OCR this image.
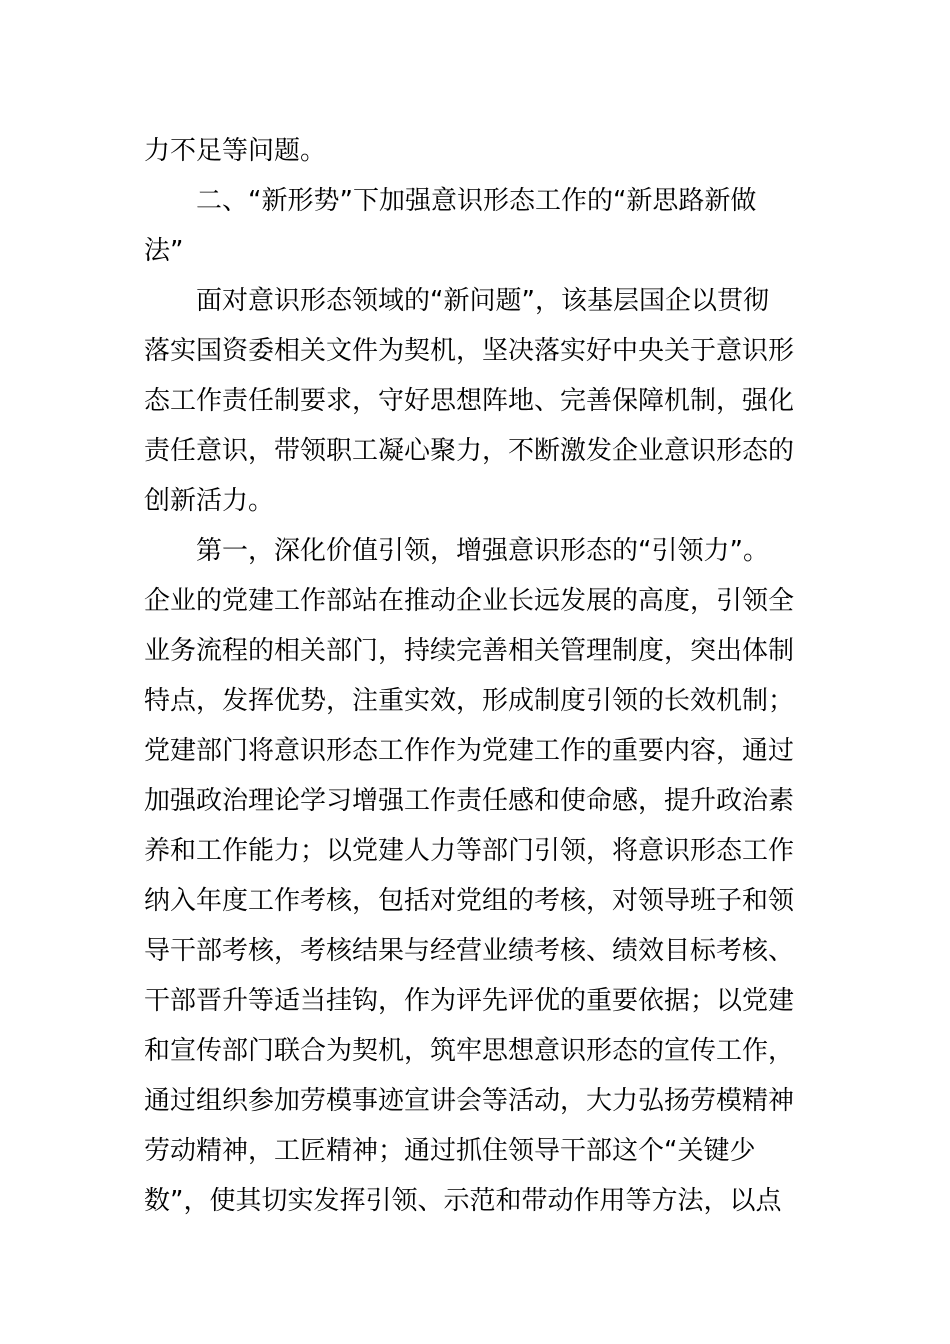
力不足等问题。
二、“新形势”下加强意识形态工作的“新思路新做
法”
面对意识形态领域的“新问题”，该基层国企以贯彻
落实国资委相关文件为契机，坚决落实好中央关于意识形
态工作责任制要求，守好思想阵地、完善保障机制，强化
责任意识，带领职工凝心聚力，不断激发企业意识形态的
创新活力。
第一，深化价值引领，增强意识形态的“引领力”。
企业的党建工作部站在推动企业长远发展的高度，引领全
业务流程的相关部门，持续完善相关管理制度，突出体制
特点，发挥优势，注重实效，形成制度引领的长效机制；
党建部门将意识形态工作作为党建工作的重要内容，通过
加强政治理论学习增强工作责任感和使命感，提升政治素
养和工作能力；以党建人力等部门引领，将意识形态工作
纳入年度工作考核，包括对党组的考核，对领导班子和领
导干部考核，考核结果与经营业绩考核、绩效目标考核、
干部晋升等适当挂钩，作为评先评优的重要依据；以党建
和宣传部门联合为契机，筑牢思想意识形态的宣传工作，
通过组织参加劳模事迹宣讲会等活动，大力弘扬劳模精神
劳动精神，工匠精神；通过抓住领导干部这个“关键少
数”，使其切实发挥引领、示范和带动作用等方法，以点
